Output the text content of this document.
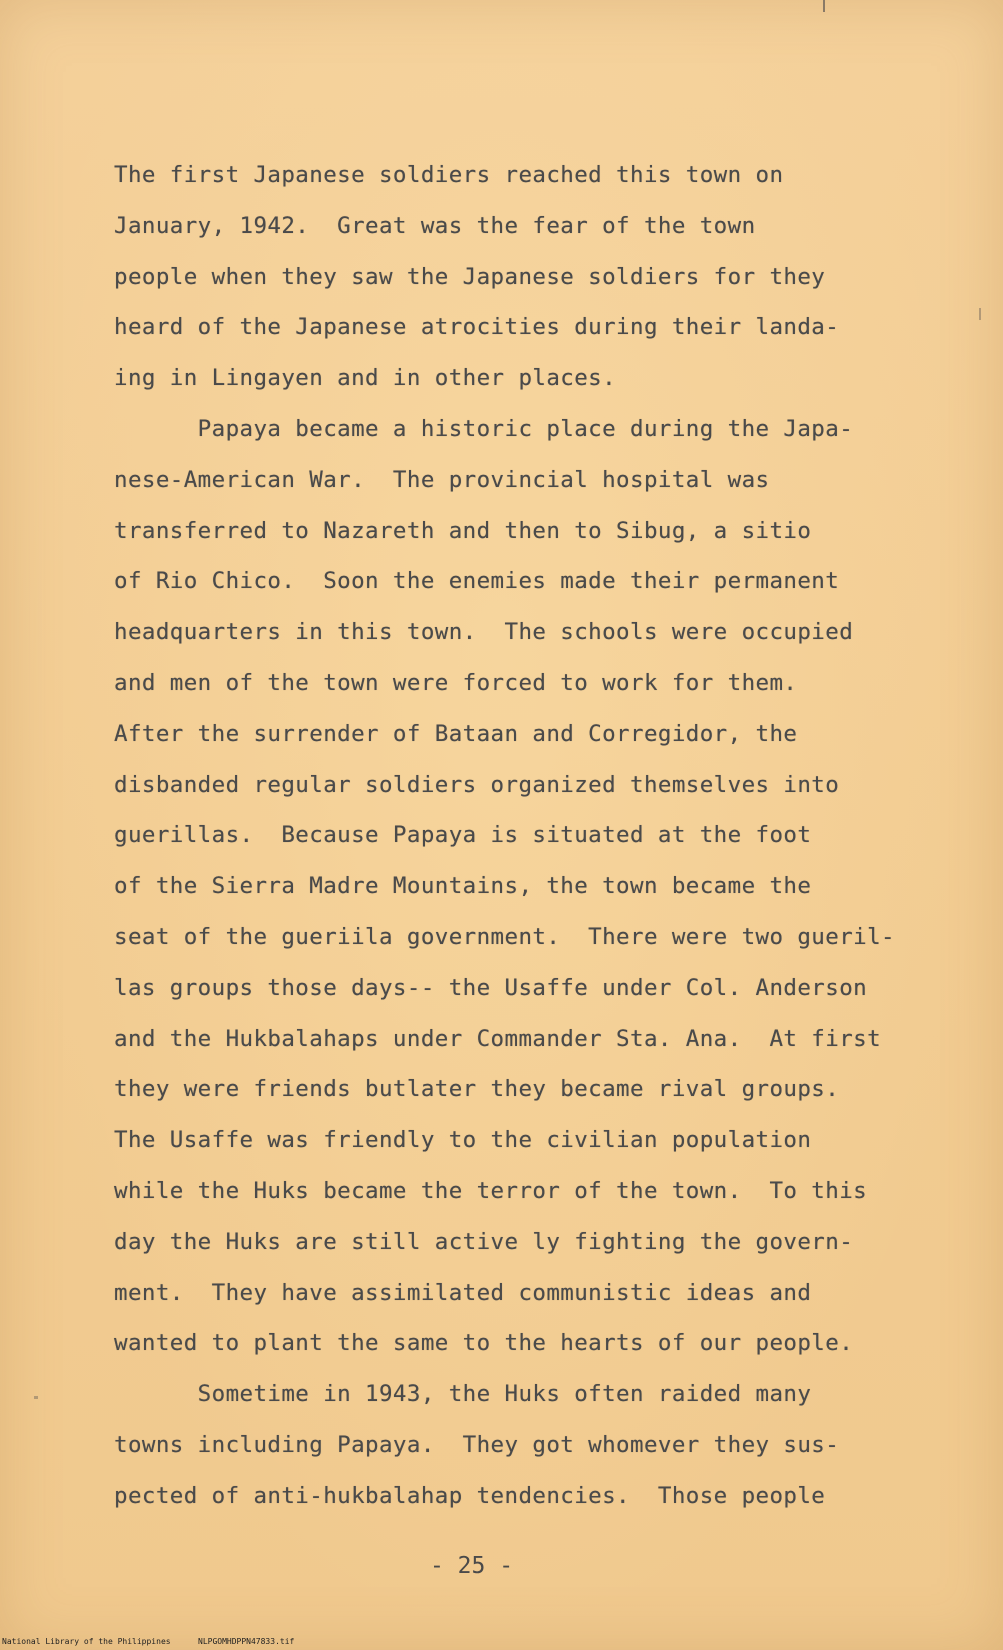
The first Japanese soldiers reached this town on
January, 1942.  Great was the fear of the town
people when they saw the Japanese soldiers for they
heard of the Japanese atrocities during their landa-
ing in Lingayen and in other places.
Papaya became a historic place during the Japa-
nese-American War.  The provincial hospital was
transferred to Nazareth and then to Sibug, a sitio
of Rio Chico.  Soon the enemies made their permanent
headquarters in this town.  The schools were occupied
and men of the town were forced to work for them.
After the surrender of Bataan and Corregidor, the
disbanded regular soldiers organized themselves into
guerillas.  Because Papaya is situated at the foot
of the Sierra Madre Mountains, the town became the
seat of the gueriila government.  There were two gueril-
las groups those days-- the Usaffe under Col. Anderson
and the Hukbalahaps under Commander Sta. Ana.  At first
they were friends butlater they became rival groups.
The Usaffe was friendly to the civilian population
while the Huks became the terror of the town.  To this
day the Huks are still active ly fighting the govern-
ment.  They have assimilated communistic ideas and
wanted to plant the same to the hearts of our people.
Sometime in 1943, the Huks often raided many
towns including Papaya.  They got whomever they sus-
pected of anti-hukbalahap tendencies.  Those people
- 25 -
National Library of the Philippines	NLPGOMHDPPN47833.tif
